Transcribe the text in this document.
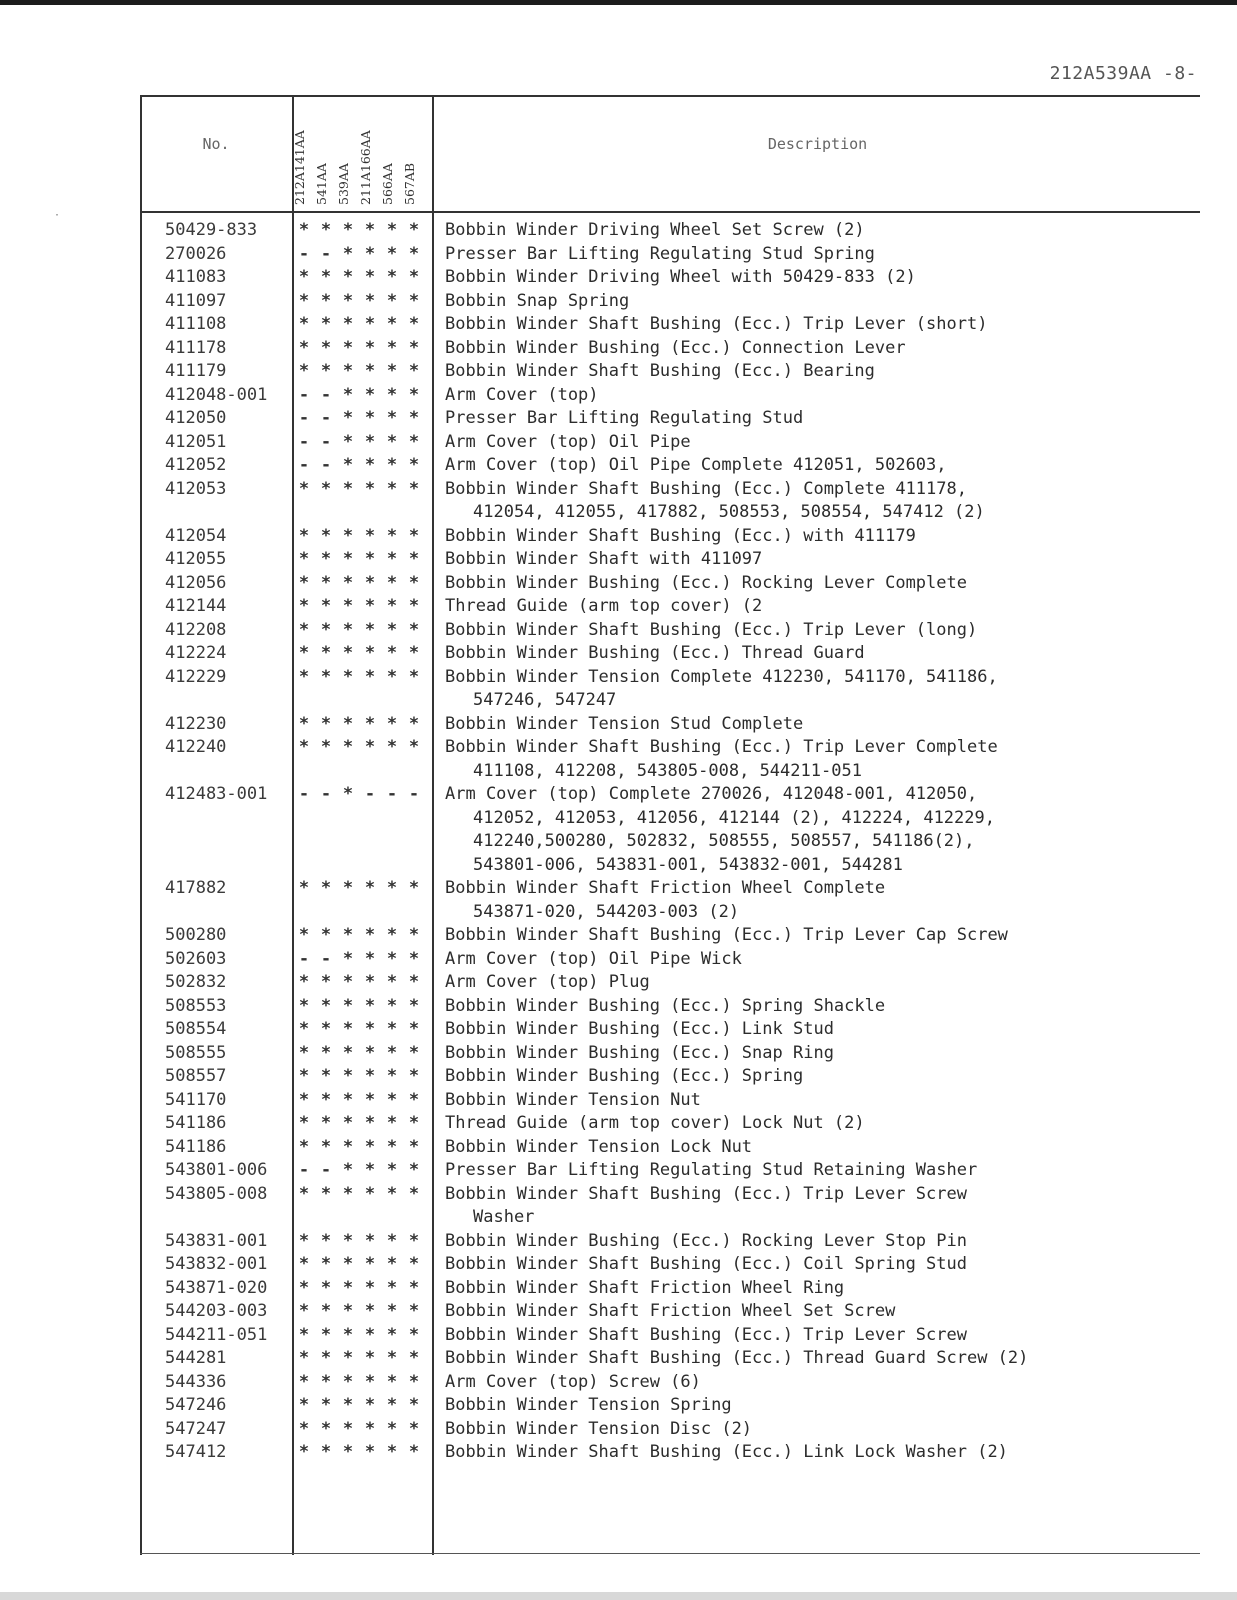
212A539AA -8-
·
No.	212A141AA 541AA 539AA 211A166AA 566AA 567AB
Description
50429-833 * * * * * * Bobbin Winder Driving Wheel Set Screw (2)
270026	- - * * * * Presser Bar Lifting Regulating Stud Spring
411083	* * * * * * Bobbin Winder Driving Wheel with 50429-833 (2)
411097	* * * * * * Bobbin Snap Spring
411108	* * * * * * Bobbin Winder Shaft Bushing (Ecc.) Trip Lever (short)
411178	* * * * * * Bobbin Winder Bushing (Ecc.) Connection Lever
411179	* * * * * * Bobbin Winder Shaft Bushing (Ecc.) Bearing
412048-001 - - * * * * Arm Cover (top)
412050	- - * * * * Presser Bar Lifting Regulating Stud
412051	- - * * * * Arm Cover (top) Oil Pipe
412052	- - * * * * Arm Cover (top) Oil Pipe Complete 412051, 502603,
412053	* * * * * * Bobbin Winder Shaft Bushing (Ecc.) Complete 411178,
412054, 412055, 417882, 508553, 508554, 547412 (2)
412054	* * * * * * Bobbin Winder Shaft Bushing (Ecc.) with 411179
412055	* * * * * * Bobbin Winder Shaft with 411097
412056	* * * * * * Bobbin Winder Bushing (Ecc.) Rocking Lever Complete
412144	* * * * * * Thread Guide (arm top cover) (2
412208	* * * * * * Bobbin Winder Shaft Bushing (Ecc.) Trip Lever (long)
412224	* * * * * * Bobbin Winder Bushing (Ecc.) Thread Guard
412229	* * * * * * Bobbin Winder Tension Complete 412230, 541170, 541186,
547246, 547247
412230	* * * * * * Bobbin Winder Tension Stud Complete
412240	* * * * * * Bobbin Winder Shaft Bushing (Ecc.) Trip Lever Complete
411108, 412208, 543805-008, 544211-051
412483-001 - - * - - - Arm Cover (top) Complete 270026, 412048-001, 412050,
412052, 412053, 412056, 412144 (2), 412224, 412229,
412240,500280, 502832, 508555, 508557, 541186(2),
543801-006, 543831-001, 543832-001, 544281
417882	* * * * * * Bobbin Winder Shaft Friction Wheel Complete
543871-020, 544203-003 (2)
500280	* * * * * * Bobbin Winder Shaft Bushing (Ecc.) Trip Lever Cap Screw
502603	- - * * * * Arm Cover (top) Oil Pipe Wick
502832	* * * * * * Arm Cover (top) Plug
508553	* * * * * * Bobbin Winder Bushing (Ecc.) Spring Shackle
508554	* * * * * * Bobbin Winder Bushing (Ecc.) Link Stud
508555	* * * * * * Bobbin Winder Bushing (Ecc.) Snap Ring
508557	* * * * * * Bobbin Winder Bushing (Ecc.) Spring
541170	* * * * * * Bobbin Winder Tension Nut
541186	* * * * * * Thread Guide (arm top cover) Lock Nut (2)
541186	* * * * * * Bobbin Winder Tension Lock Nut
543801-006 - - * * * * Presser Bar Lifting Regulating Stud Retaining Washer
543805-008 * * * * * * Bobbin Winder Shaft Bushing (Ecc.) Trip Lever Screw
Washer
543831-001 * * * * * * Bobbin Winder Bushing (Ecc.) Rocking Lever Stop Pin
543832-001 * * * * * * Bobbin Winder Shaft Bushing (Ecc.) Coil Spring Stud
543871-020 * * * * * * Bobbin Winder Shaft Friction Wheel Ring
544203-003 * * * * * * Bobbin Winder Shaft Friction Wheel Set Screw
544211-051 * * * * * * Bobbin Winder Shaft Bushing (Ecc.) Trip Lever Screw
544281	* * * * * * Bobbin Winder Shaft Bushing (Ecc.) Thread Guard Screw (2)
544336	* * * * * * Arm Cover (top) Screw (6)
547246	* * * * * * Bobbin Winder Tension Spring
547247	* * * * * * Bobbin Winder Tension Disc (2)
547412	* * * * * * Bobbin Winder Shaft Bushing (Ecc.) Link Lock Washer (2)
